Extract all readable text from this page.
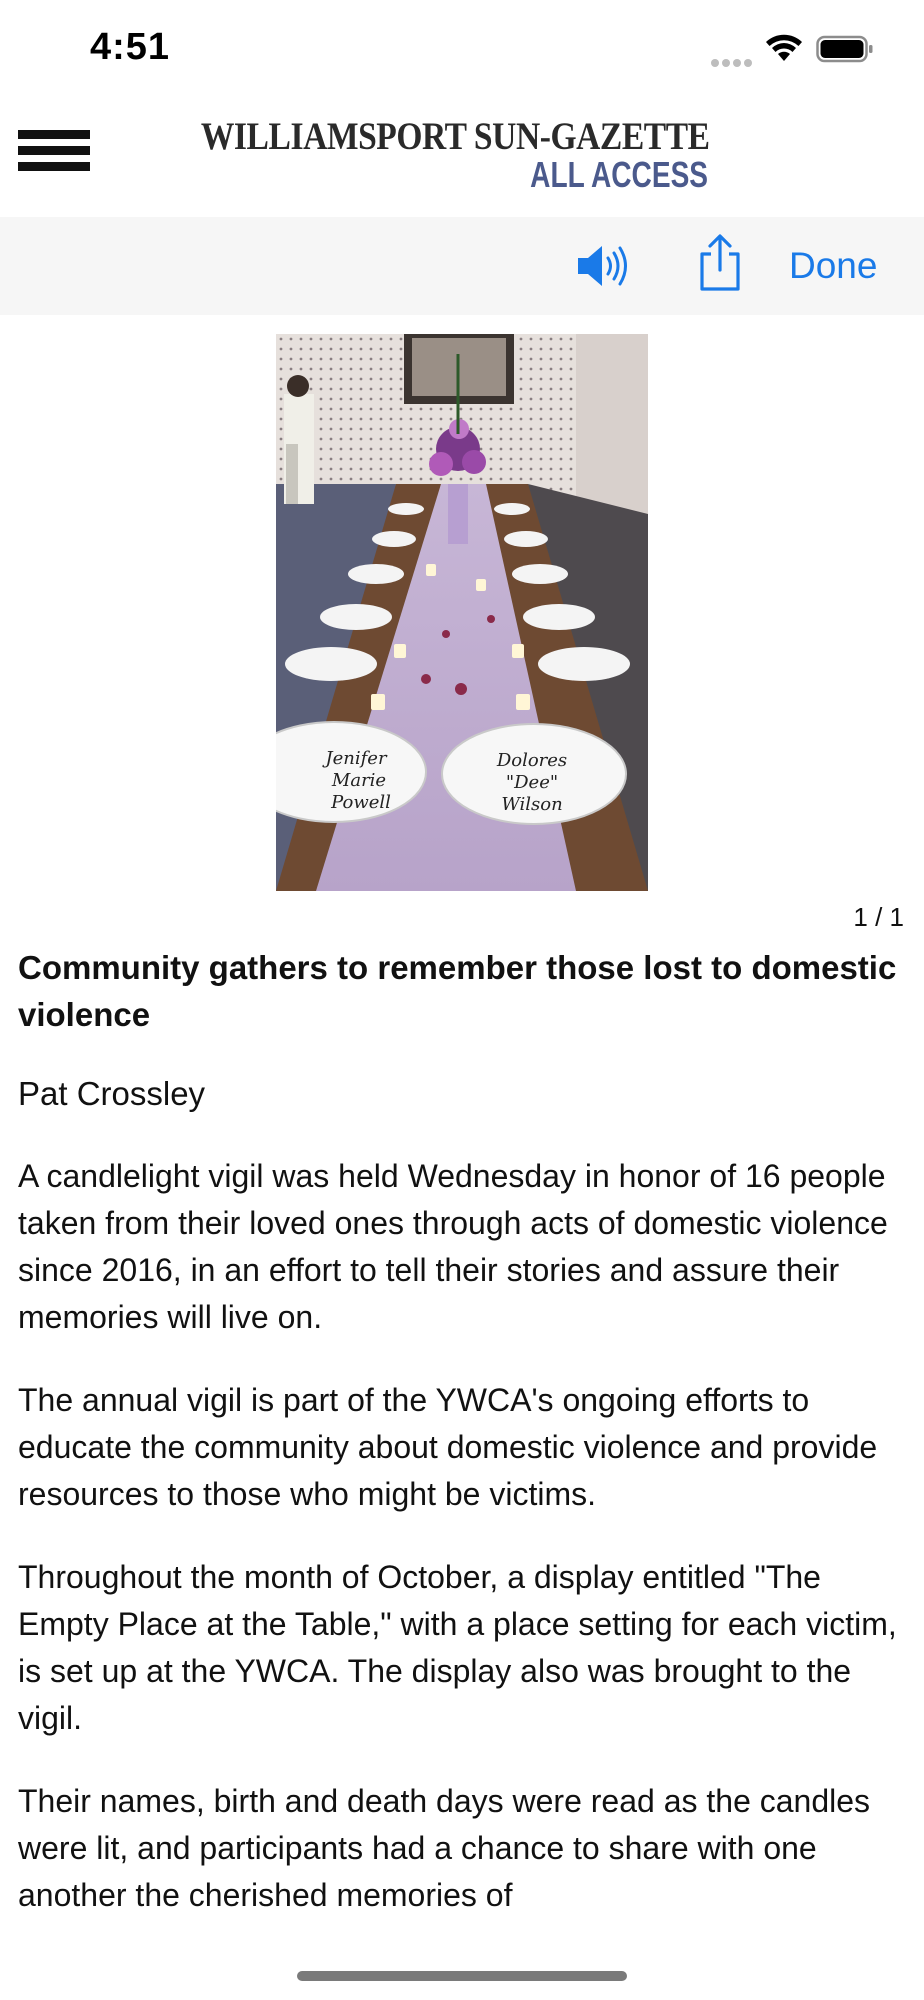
4:51
WILLIAMSPORT SUN-GAZETTE
ALL ACCESS
Done
Jenifer
Marie
Powell
Dolores
"Dee"
Wilson
1 / 1
Community gathers to remember those lost to domestic violence

Pat Crossley

A candlelight vigil was held Wednesday in honor of 16 people taken from their loved ones through acts of domestic violence since 2016, in an effort to tell their stories and assure their memories will live on.

The annual vigil is part of the YWCA's ongoing efforts to educate the community about domestic violence and provide resources to those who might be victims.

Throughout the month of October, a display entitled "The Empty Place at the Table," with a place setting for each victim, is set up at the YWCA. The display also was brought to the vigil.

Their names, birth and death days were read as the candles were lit, and participants had a chance to share with one another the cherished memories of
